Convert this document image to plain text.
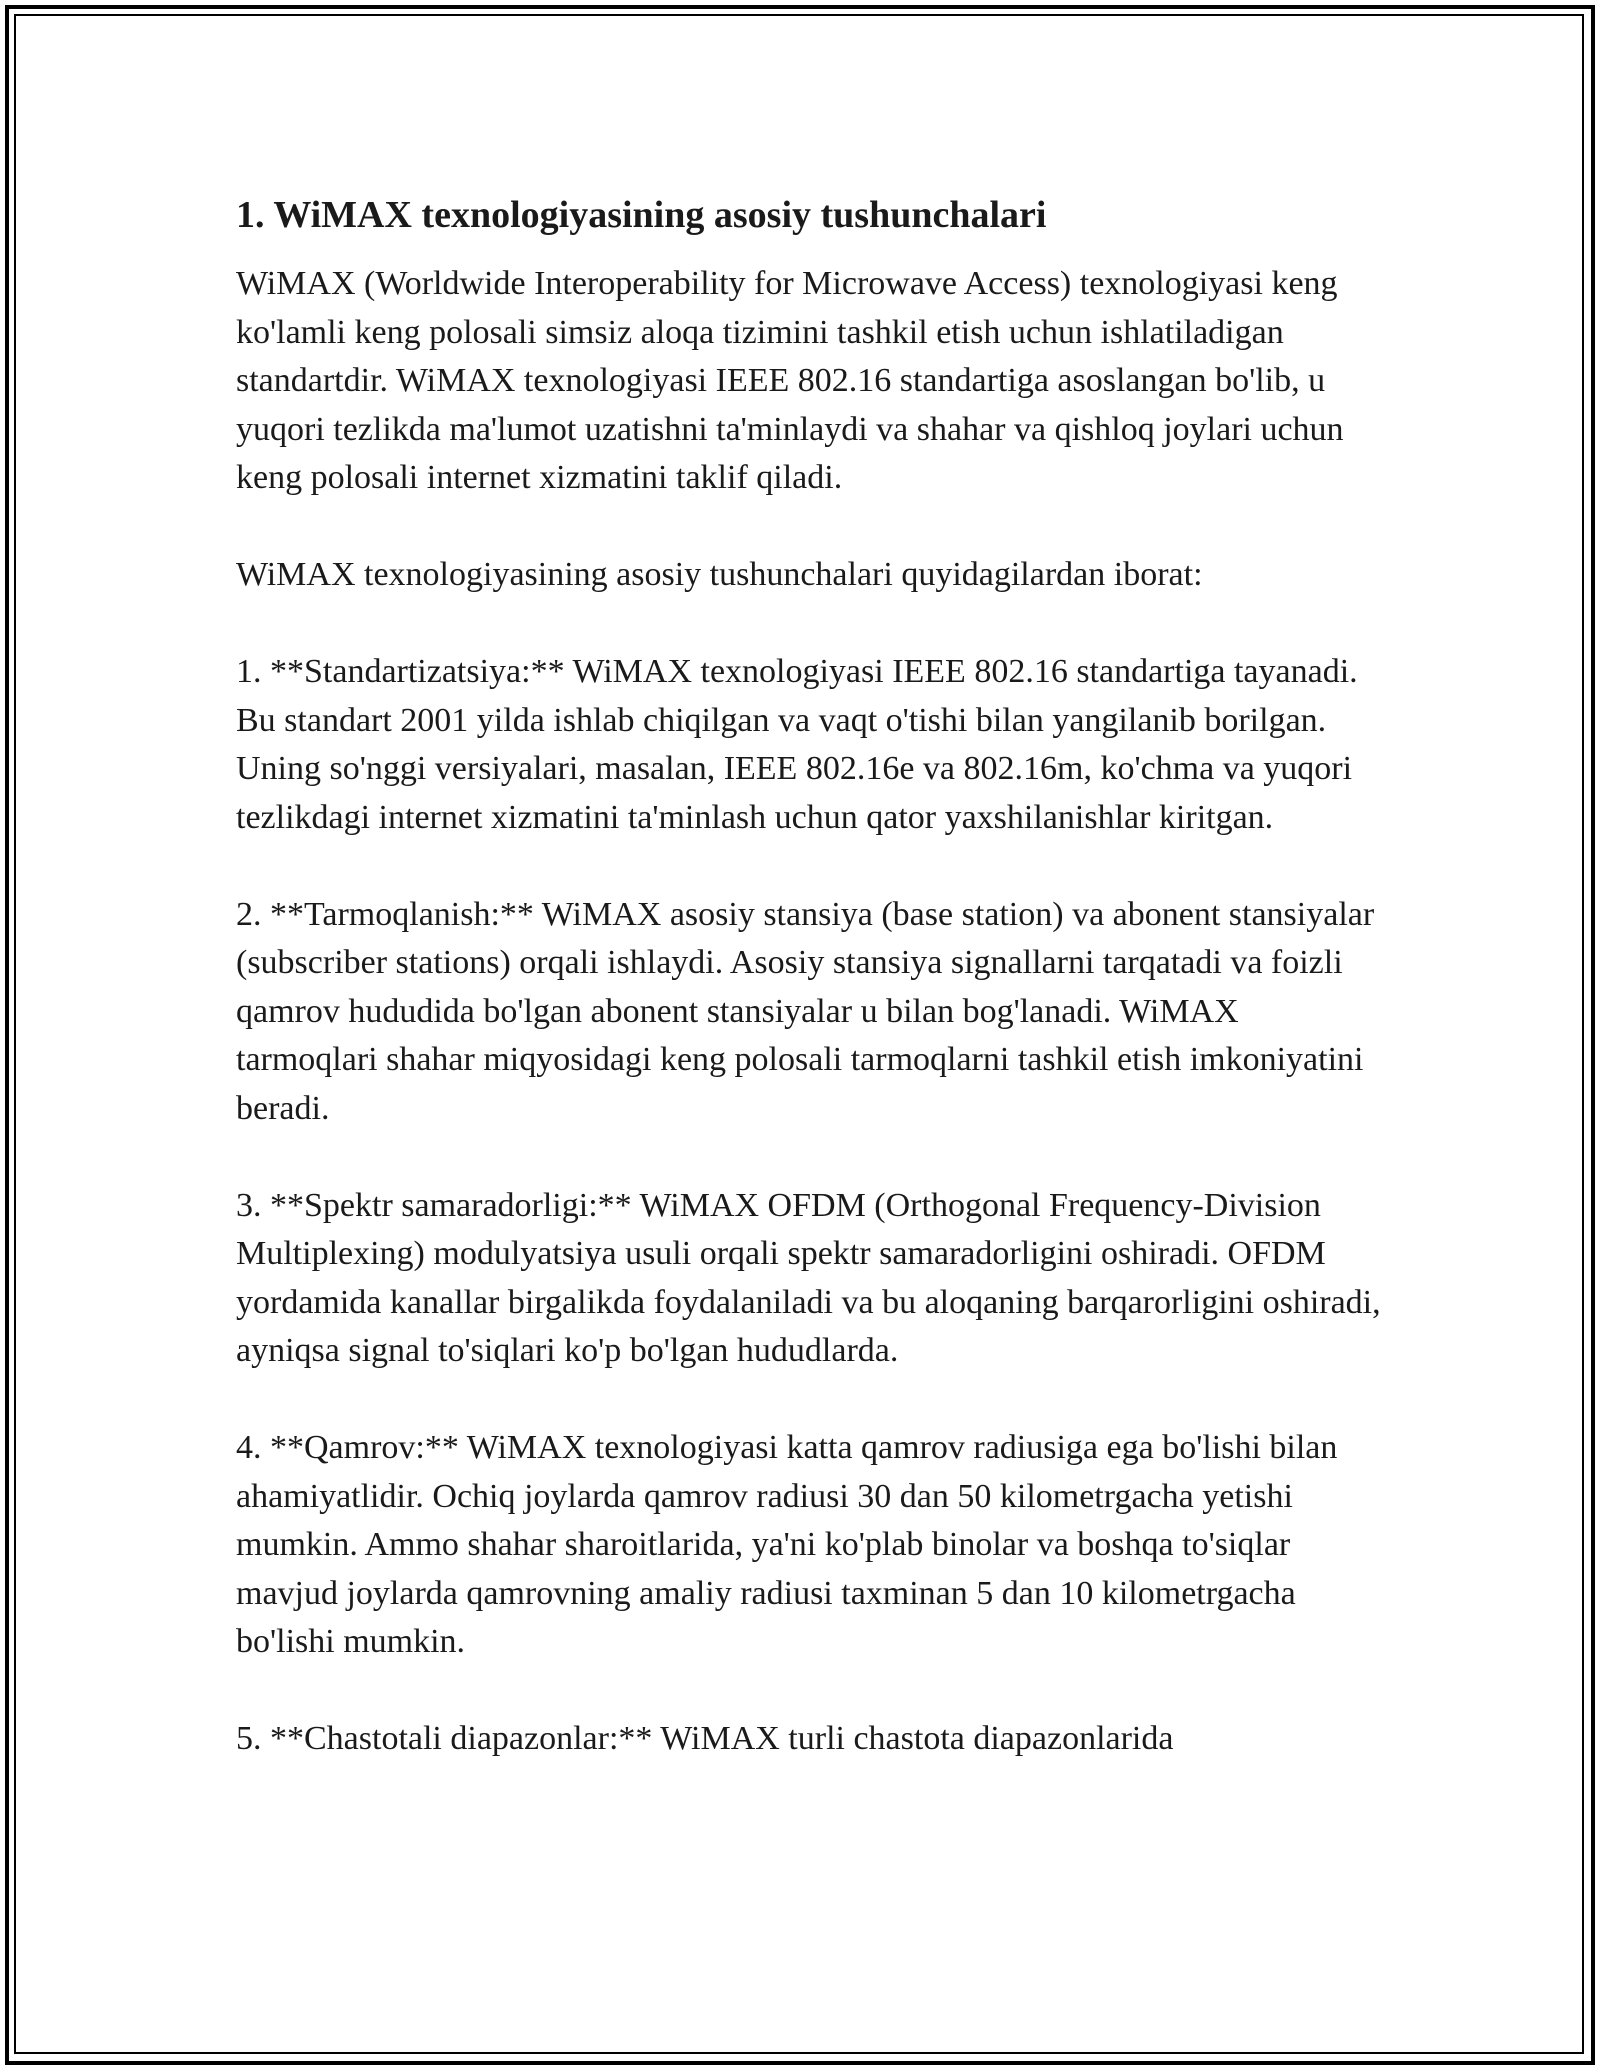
1. WiMAX texnologiyasining asosiy tushunchalari

WiMAX (Worldwide Interoperability for Microwave Access) texnologiyasi keng ko'lamli keng polosali simsiz aloqa tizimini tashkil etish uchun ishlatiladigan standartdir. WiMAX texnologiyasi IEEE 802.16 standartiga asoslangan bo'lib, u yuqori tezlikda ma'lumot uzatishni ta'minlaydi va shahar va qishloq joylari uchun keng polosali internet xizmatini taklif qiladi.

WiMAX texnologiyasining asosiy tushunchalari quyidagilardan iborat:

1. **Standartizatsiya:** WiMAX texnologiyasi IEEE 802.16 standartiga tayanadi. Bu standart 2001 yilda ishlab chiqilgan va vaqt o'tishi bilan yangilanib borilgan. Uning so'nggi versiyalari, masalan, IEEE 802.16e va 802.16m, ko'chma va yuqori tezlikdagi internet xizmatini ta'minlash uchun qator yaxshilanishlar kiritgan.

2. **Tarmoqlanish:** WiMAX asosiy stansiya (base station) va abonent stansiyalar (subscriber stations) orqali ishlaydi. Asosiy stansiya signallarni tarqatadi va foizli qamrov hududida bo'lgan abonent stansiyalar u bilan bog'lanadi. WiMAX tarmoqlari shahar miqyosidagi keng polosali tarmoqlarni tashkil etish imkoniyatini beradi.

3. **Spektr samaradorligi:** WiMAX OFDM (Orthogonal Frequency-Division Multiplexing) modulyatsiya usuli orqali spektr samaradorligini oshiradi. OFDM yordamida kanallar birgalikda foydalaniladi va bu aloqaning barqarorligini oshiradi, ayniqsa signal to'siqlari ko'p bo'lgan hududlarda.

4. **Qamrov:** WiMAX texnologiyasi katta qamrov radiusiga ega bo'lishi bilan ahamiyatlidir. Ochiq joylarda qamrov radiusi 30 dan 50 kilometrgacha yetishi mumkin. Ammo shahar sharoitlarida, ya'ni ko'plab binolar va boshqa to'siqlar mavjud joylarda qamrovning amaliy radiusi taxminan 5 dan 10 kilometrgacha bo'lishi mumkin.

5. **Chastotali diapazonlar:** WiMAX turli chastota diapazonlarida
